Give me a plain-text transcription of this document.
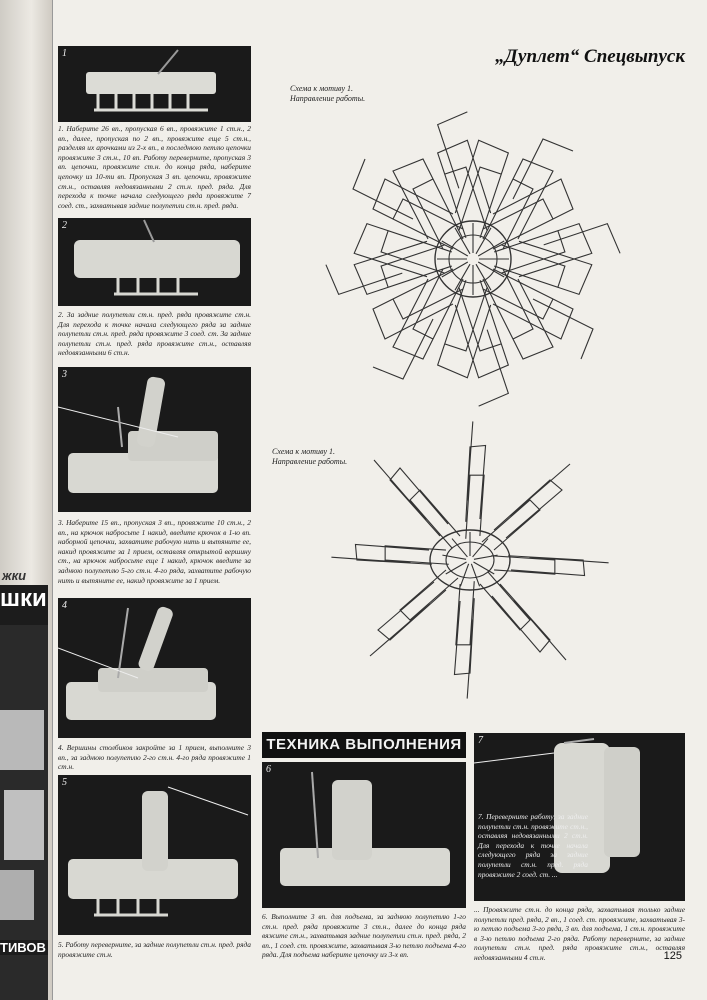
шки
жки
ТИВОВ
„Дуплет“ Спецвыпуск
1
1. Наберите 26 вп., пропуская 6 вп., провяжите 1 ст.н., 2 вп., далее, пропуская по 2 вп., провяжите еще 5 ст.н., разделяя их арочками из 2-х вп., в последнюю петлю цепочки провяжите 3 ст.н., 10 вп. Работу переверните, пропуская 3 вп. цепочки, провяжите ст.н. до конца ряда, наберите цепочку из 10-ти вп. Пропуская 3 вп. цепочки, провяжите ст.н., оставляя недовязанными 2 ст.н. пред. ряда. Для перехода к точке начала следующего ряда провяжите 7 соед. ст., захватывая задние полупетли ст.н. пред. ряда.
2
2. За задние полупетли ст.н. пред. ряда провяжите ст.н. Для перехода к точке начала следующего ряда за задние полупетли ст.н. пред. ряда провяжите 3 соед. ст. За задние полупетли ст.н. пред. ряда провяжите ст.н., оставляя недовязанными 6 ст.н.
3
3. Наберите 15 вп., пропуская 3 вп., провяжите 10 ст.н., 2 вп., на крючок набросьте 1 накид, введите крючок в 1-ю вп. наборной цепочки, захватите рабочую нить и вытяните ее, накид провяжите за 1 прием, оставляя открытой вершину ст., на крючок набросьте еще 1 накид, крючок введите за заднюю полупетлю 5-го ст.н. 4-го ряда, захватите рабочую нить и вытяните ее, накид провяжите за 1 прием.
4
4. Вершины столбиков закройте за 1 прием, выполните 3 вп., за заднюю полупетлю 2-го ст.н. 4-го ряда провяжите 1 ст.н.
5
5. Работу переверните, за задние полупетли ст.н. пред. ряда провяжите ст.н.
Схема к мотиву 1.
Направление работы.
Схема к мотиву 1.
Направление работы.
ТЕХНИКА ВЫПОЛНЕНИЯ
6
6. Выполните 3 вп. для подъема, за заднюю полупетлю 1-го ст.н. пред. ряда провяжите 3 ст.н., далее до конца ряда вяжите ст.н., захватывая задние полупетли ст.н. пред. ряда, 2 вп., 1 соед. ст. провяжите, захватывая 3-ю петлю подъема 4-го ряда. Для подъема наберите цепочку из 3-х вп.
7
7. Переверните работу, за задние полупетли ст.н. провяжите ст.н., оставляя недовязанными 2 ст.н. Для перехода к точке начала следующего ряда за задние полупетли ст.н. пред. ряда провяжите 2 соед. ст. ...
... Провяжите ст.н. до конца ряда, захватывая только задние полупетли пред. ряда, 2 вп., 1 соед. ст. провяжите, захватывая 3-ю петлю подъема 3-го ряда, 3 вп. для подъема, 1 ст.н. провяжите в 3-ю петлю подъема 2-го ряда. Работу переверните, за задние полупетли ст.н. пред. ряда провяжите ст.н., оставляя недовязанными 4 ст.н.	125
